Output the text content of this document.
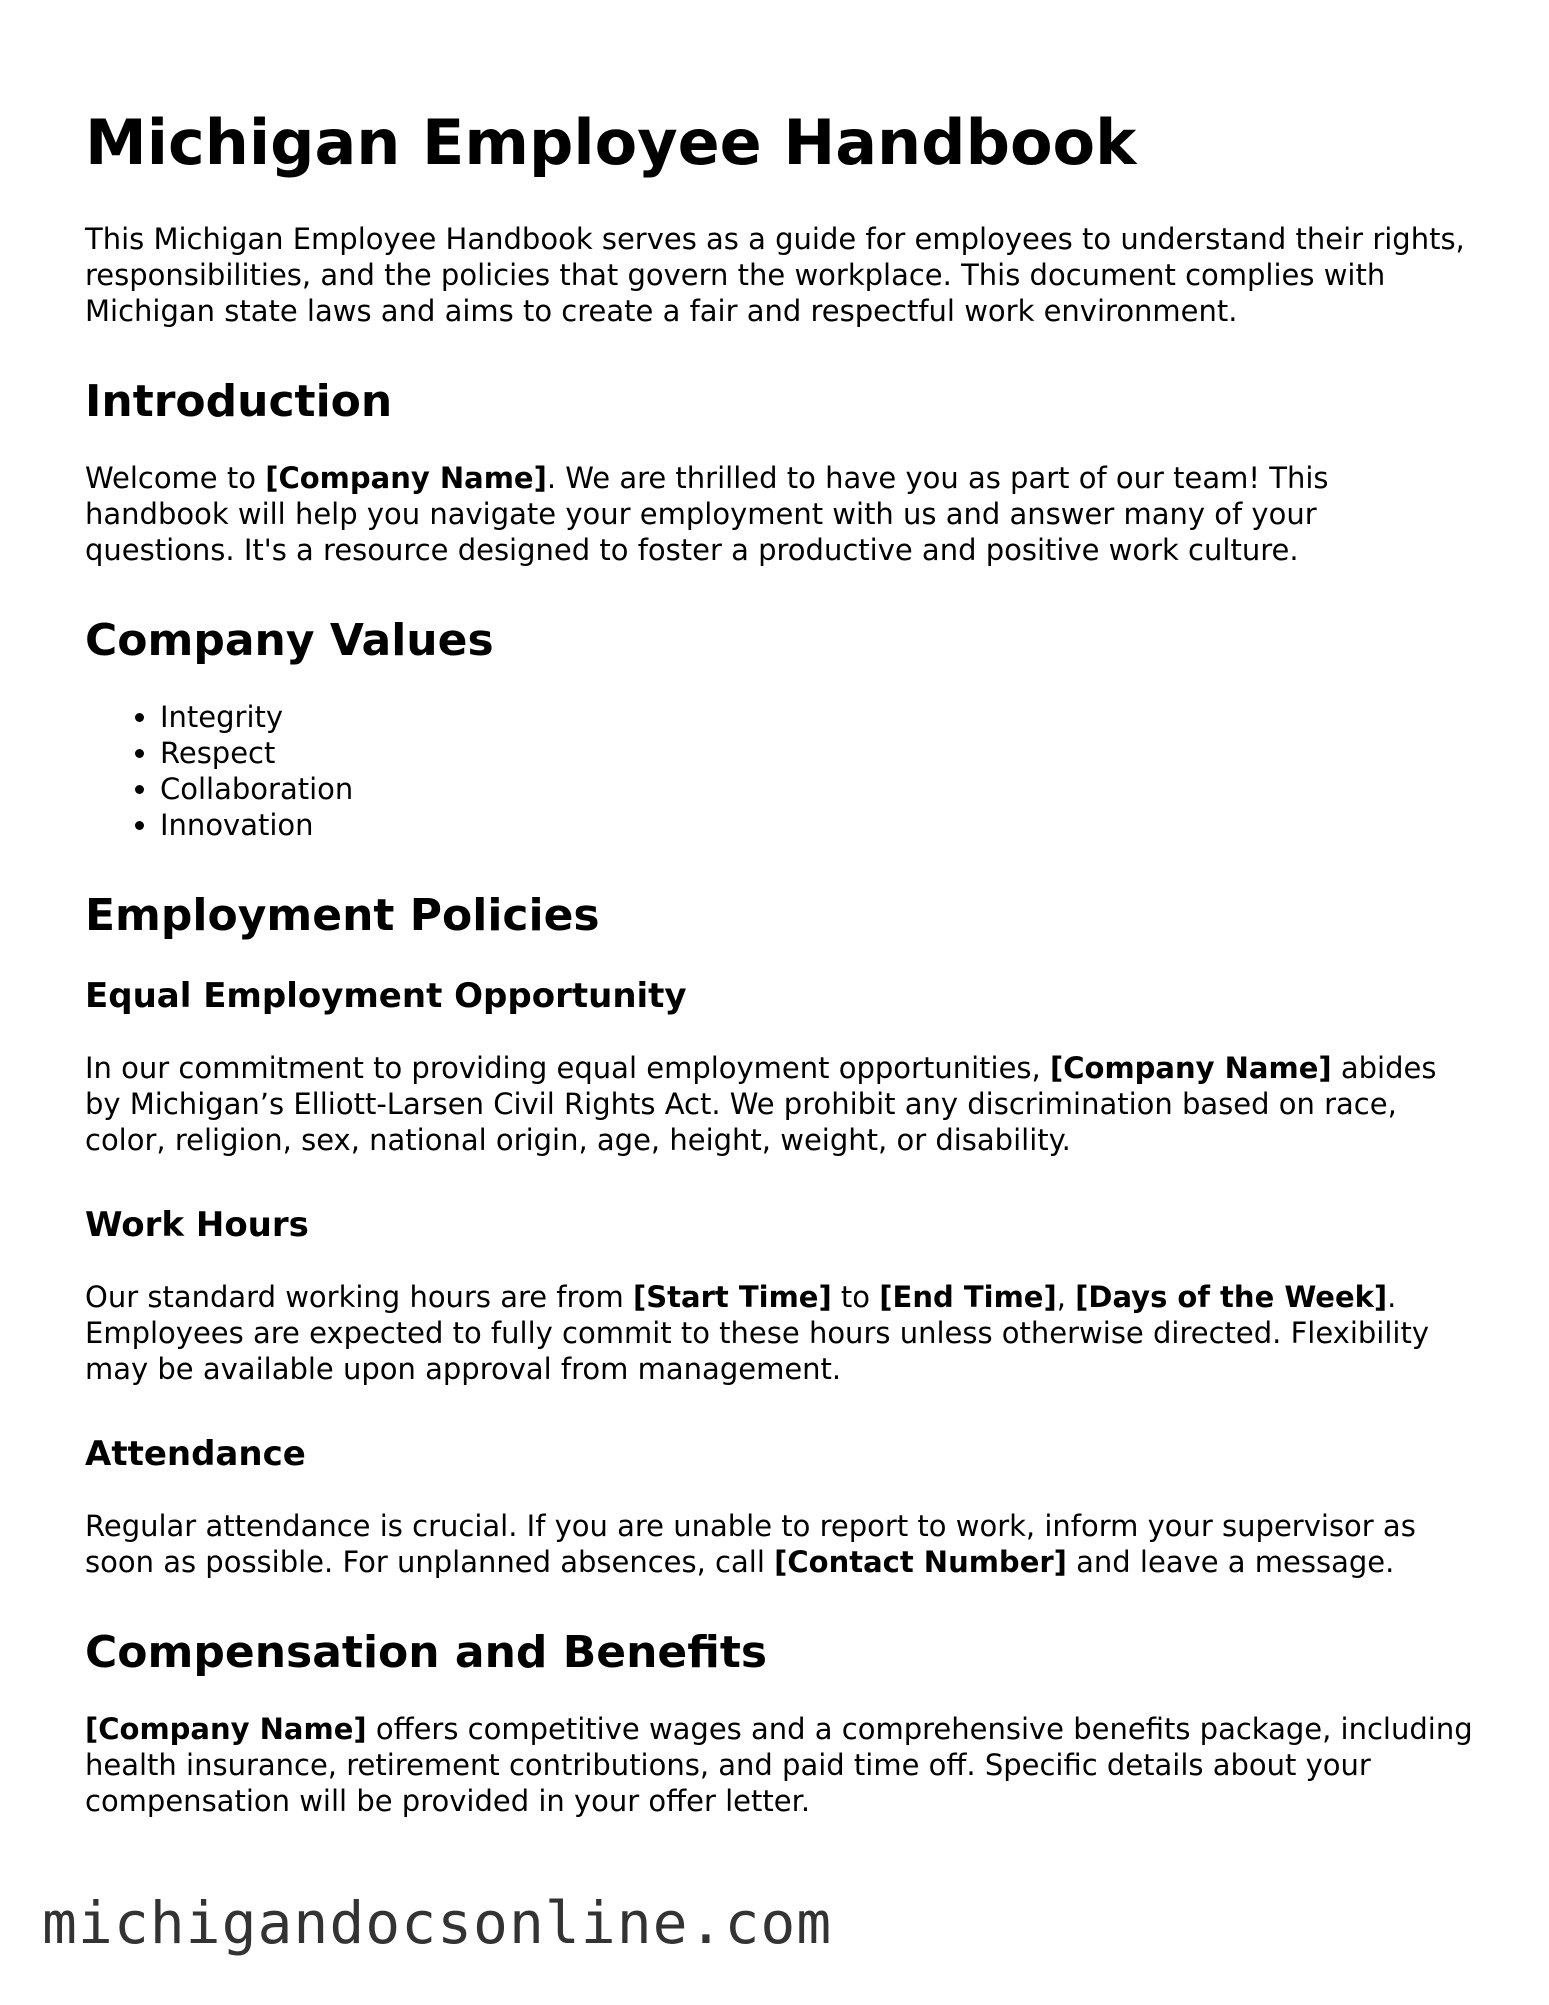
Michigan Employee Handbook

This Michigan Employee Handbook serves as a guide for employees to understand their rights, responsibilities, and the policies that govern the workplace. This document complies with Michigan state laws and aims to create a fair and respectful work environment.

Introduction

Welcome to [Company Name]. We are thrilled to have you as part of our team! This handbook will help you navigate your employment with us and answer many of your questions. It's a resource designed to foster a productive and positive work culture.

Company Values
• Integrity
• Respect
• Collaboration
• Innovation
Employment Policies
Equal Employment Opportunity

In our commitment to providing equal employment opportunities, [Company Name] abides by Michigan’s Elliott-Larsen Civil Rights Act. We prohibit any discrimination based on race, color, religion, sex, national origin, age, height, weight, or disability.

Work Hours

Our standard working hours are from [Start Time] to [End Time], [Days of the Week]. Employees are expected to fully commit to these hours unless otherwise directed. Flexibility may be available upon approval from management.

Attendance

Regular attendance is crucial. If you are unable to report to work, inform your supervisor as soon as possible. For unplanned absences, call [Contact Number] and leave a message.

Compensation and Benefits

[Company Name] offers competitive wages and a comprehensive benefits package, including health insurance, retirement contributions, and paid time off. Specific details about your compensation will be provided in your offer letter.

michigandocsonline.com
